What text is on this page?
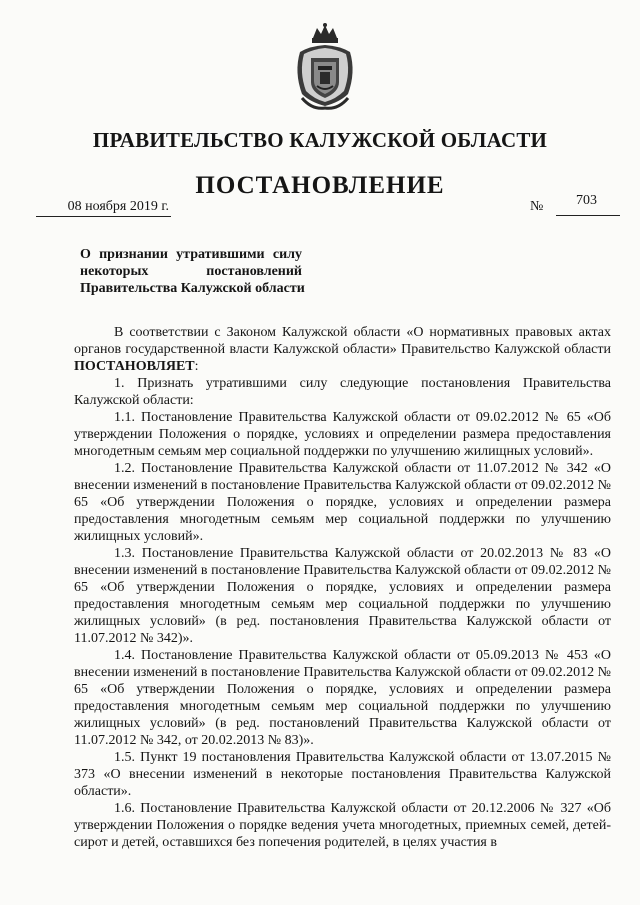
ПРАВИТЕЛЬСТВО КАЛУЖСКОЙ ОБЛАСТИ
ПОСТАНОВЛЕНИЕ
08 ноября 2019 г.	№ 703
О признании утратившими силу
некоторых постановлений
Правительства Калужской области

В соответствии с Законом Калужской области «О нормативных правовых актах органов государственной власти Калужской области» Правительство Калужской области ПОСТАНОВЛЯЕТ:

1. Признать утратившими силу следующие постановления Правительства Калужской области:

1.1. Постановление Правительства Калужской области от 09.02.2012 № 65 «Об утверждении Положения о порядке, условиях и определении размера предоставления многодетным семьям мер социальной поддержки по улучшению жилищных условий».

1.2. Постановление Правительства Калужской области от 11.07.2012 № 342 «О внесении изменений в постановление Правительства Калужской области от 09.02.2012 № 65 «Об утверждении Положения о порядке, условиях и определении размера предоставления многодетным семьям мер социальной поддержки по улучшению жилищных условий».

1.3. Постановление Правительства Калужской области от 20.02.2013 № 83 «О внесении изменений в постановление Правительства Калужской области от 09.02.2012 № 65 «Об утверждении Положения о порядке, условиях и определении размера предоставления многодетным семьям мер социальной поддержки по улучшению жилищных условий» (в ред. постановления Правительства Калужской области от 11.07.2012 № 342)».

1.4. Постановление Правительства Калужской области от 05.09.2013 № 453 «О внесении изменений в постановление Правительства Калужской области от 09.02.2012 № 65 «Об утверждении Положения о порядке, условиях и определении размера предоставления многодетным семьям мер социальной поддержки по улучшению жилищных условий» (в ред. постановлений Правительства Калужской области от 11.07.2012 № 342, от 20.02.2013 № 83)».

1.5. Пункт 19 постановления Правительства Калужской области от 13.07.2015 № 373 «О внесении изменений в некоторые постановления Правительства Калужской области».

1.6. Постановление Правительства Калужской области от 20.12.2006 № 327 «Об утверждении Положения о порядке ведения учета многодетных, приемных семей, детей-сирот и детей, оставшихся без попечения родителей, в целях участия в
